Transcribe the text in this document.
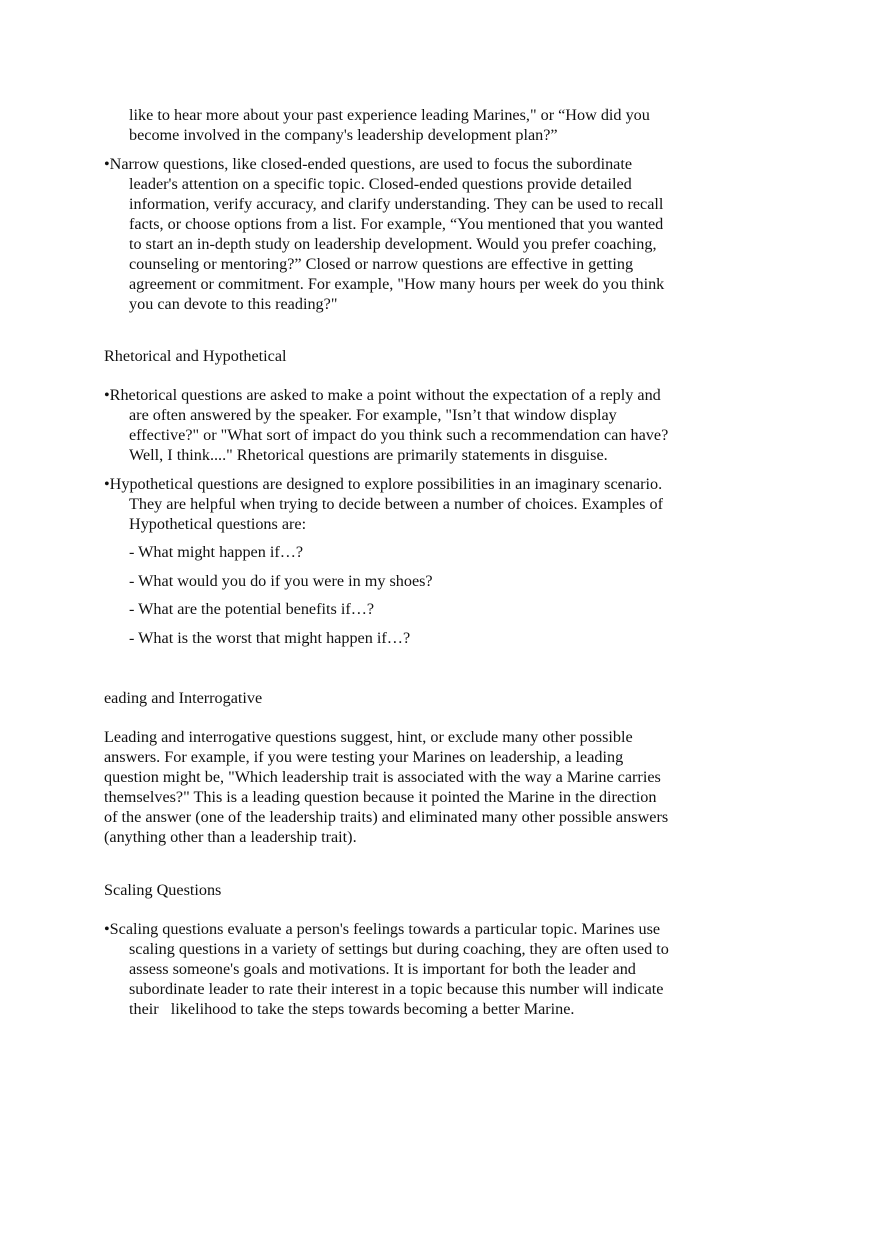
like to hear more about your past experience leading Marines," or “How did you
become involved in the company's leadership development plan?”
•Narrow questions, like closed-ended questions, are used to focus the subordinate
leader's attention on a specific topic. Closed-ended questions provide detailed
information, verify accuracy, and clarify understanding. They can be used to recall
facts, or choose options from a list. For example, “You mentioned that you wanted
to start an in-depth study on leadership development. Would you prefer coaching,
counseling or mentoring?” Closed or narrow questions are effective in getting
agreement or commitment. For example, "How many hours per week do you think
you can devote to this reading?"
Rhetorical and Hypothetical
•Rhetorical questions are asked to make a point without the expectation of a reply and
are often answered by the speaker. For example, "Isn’t that window display
effective?" or "What sort of impact do you think such a recommendation can have?
Well, I think...." Rhetorical questions are primarily statements in disguise.
•Hypothetical questions are designed to explore possibilities in an imaginary scenario.
They are helpful when trying to decide between a number of choices. Examples of
Hypothetical questions are:
- What might happen if…?
- What would you do if you were in my shoes?
- What are the potential benefits if…?
- What is the worst that might happen if…?
eading and Interrogative
Leading and interrogative questions suggest, hint, or exclude many other possible
answers. For example, if you were testing your Marines on leadership, a leading
question might be, "Which leadership trait is associated with the way a Marine carries
themselves?" This is a leading question because it pointed the Marine in the direction
of the answer (one of the leadership traits) and eliminated many other possible answers
(anything other than a leadership trait).
Scaling Questions
•Scaling questions evaluate a person's feelings towards a particular topic. Marines use
scaling questions in a variety of settings but during coaching, they are often used to
assess someone's goals and motivations. It is important for both the leader and
subordinate leader to rate their interest in a topic because this number will indicate
their   likelihood to take the steps towards becoming a better Marine.
